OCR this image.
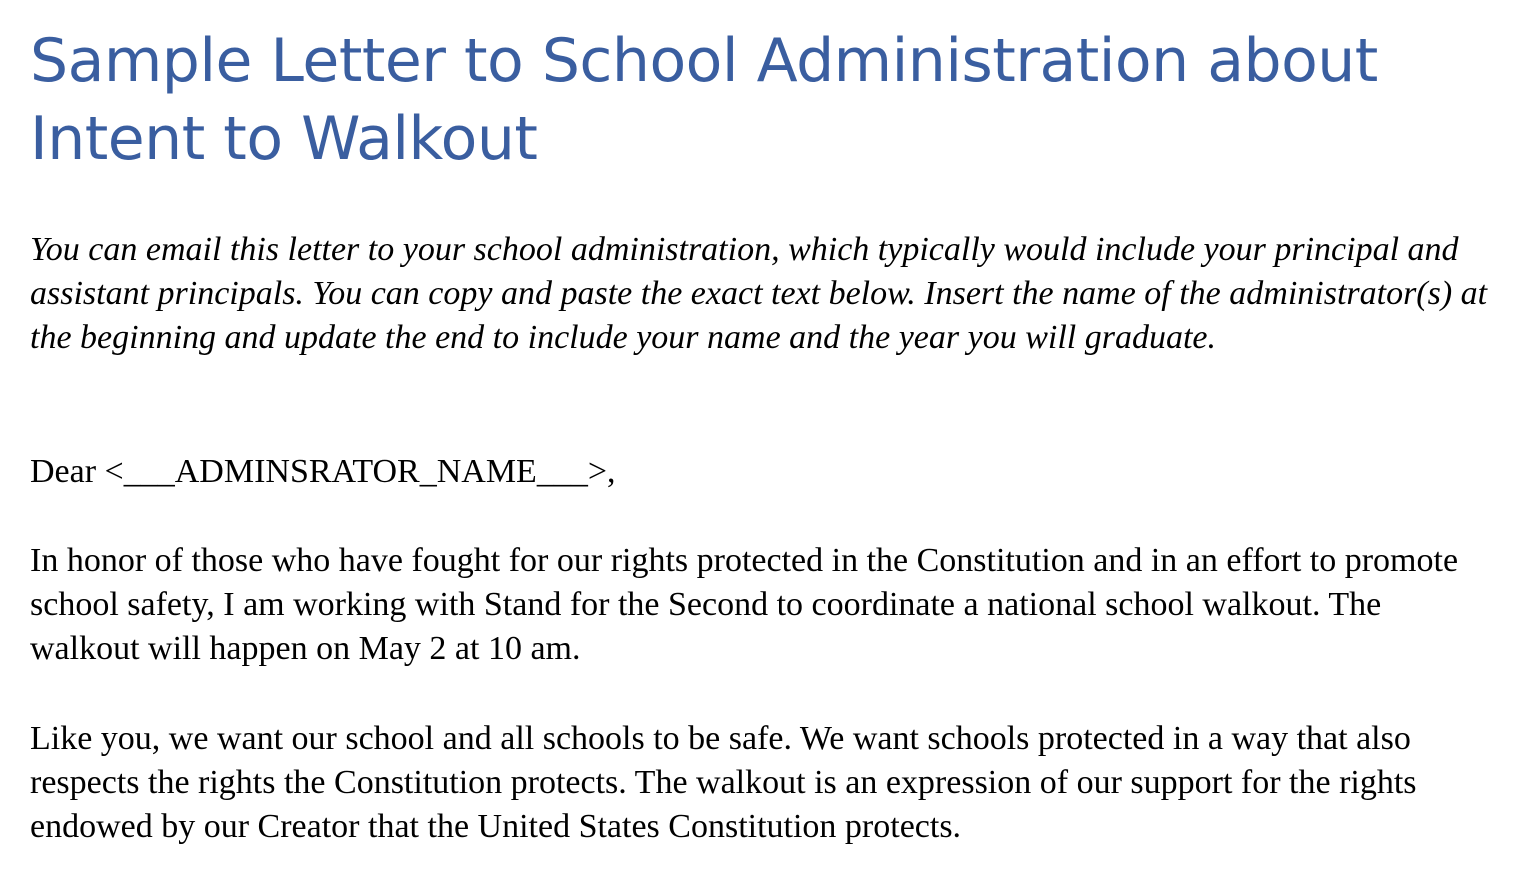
Sample Letter to School Administration about Intent to Walkout

You can email this letter to your school administration, which typically would include your principal and assistant principals. You can copy and paste the exact text below. Insert the name of the administrator(s) at the beginning and update the end to include your name and the year you will graduate.

Dear <___ADMINSRATOR_NAME___>,

In honor of those who have fought for our rights protected in the Constitution and in an effort to promote school safety, I am working with Stand for the Second to coordinate a national school walkout. The walkout will happen on May 2 at 10 am.

Like you, we want our school and all schools to be safe. We want schools protected in a way that also respects the rights the Constitution protects. The walkout is an expression of our support for the rights endowed by our Creator that the United States Constitution protects.
